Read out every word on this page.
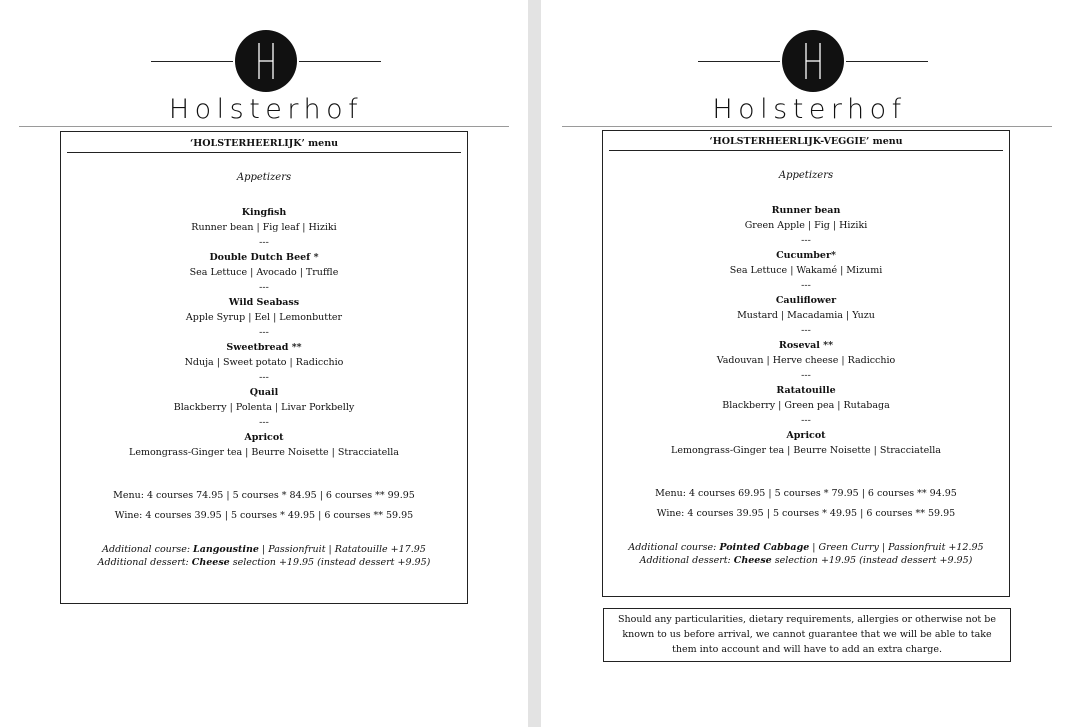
Holsterhof
‘HOLSTERHEERLIJK’ menu
Appetizers
Kingfish
Runner bean | Fig leaf | Hiziki
---
Double Dutch Beef *
Sea Lettuce | Avocado | Truffle
---
Wild Seabass
Apple Syrup | Eel | Lemonbutter
---
Sweetbread **
Nduja | Sweet potato | Radicchio
---
Quail
Blackberry | Polenta | Livar Porkbelly
---
Apricot
Lemongrass-Ginger tea | Beurre Noisette | Stracciatella
Menu: 4 courses 74.95 | 5 courses * 84.95 | 6 courses ** 99.95
Wine: 4 courses 39.95 | 5 courses * 49.95 | 6 courses ** 59.95
Additional course: Langoustine | Passionfruit | Ratatouille +17.95
Additional dessert: Cheese selection +19.95 (instead dessert +9.95)
Holsterhof
‘HOLSTERHEERLIJK-VEGGIE’ menu
Appetizers
Runner bean
Green Apple | Fig | Hiziki
---
Cucumber*
Sea Lettuce | Wakamé | Mizumi
---
Cauliflower
Mustard | Macadamia | Yuzu
---
Roseval **
Vadouvan | Herve cheese | Radicchio
---
Ratatouille
Blackberry | Green pea | Rutabaga
---
Apricot
Lemongrass-Ginger tea | Beurre Noisette | Stracciatella
Menu: 4 courses 69.95 | 5 courses * 79.95 | 6 courses ** 94.95
Wine: 4 courses 39.95 | 5 courses * 49.95 | 6 courses ** 59.95
Additional course: Pointed Cabbage | Green Curry | Passionfruit +12.95
Additional dessert: Cheese selection +19.95 (instead dessert +9.95)
Should any particularities, dietary requirements, allergies or otherwise not be known to us before arrival, we cannot guarantee that we will be able to take them into account and will have to add an extra charge.
